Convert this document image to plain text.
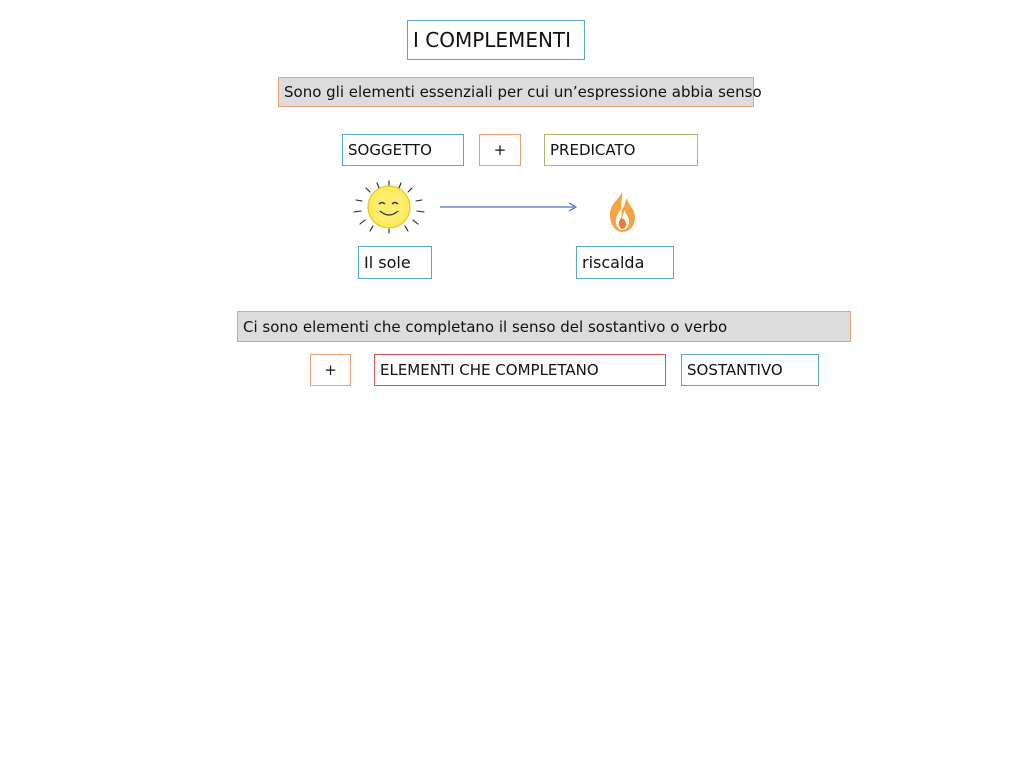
I COMPLEMENTI
Sono gli elementi essenziali per cui un’espressione abbia senso
SOGGETTO	+	PREDICATO
Il sole	riscalda
Ci sono elementi che completano il senso del sostantivo o verbo
+	ELEMENTI CHE COMPLETANO	SOSTANTIVO
